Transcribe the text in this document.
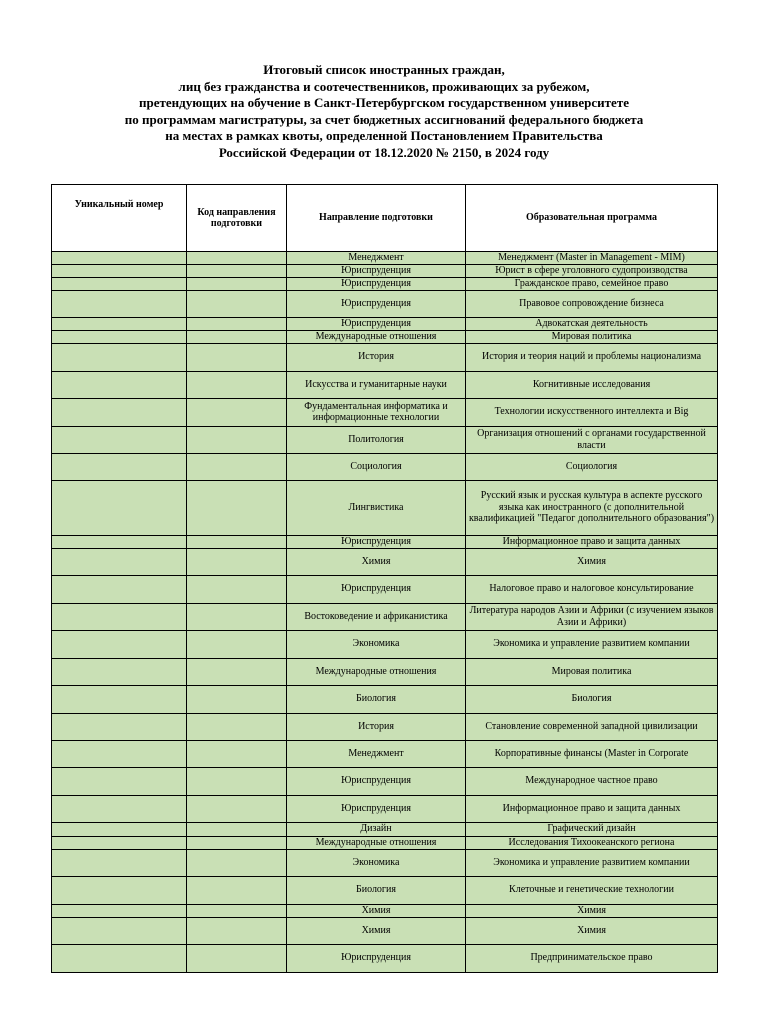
Итоговый список иностранных граждан,
лиц без гражданства и соотечественников, проживающих за рубежом,
претендующих на обучение в Санкт-Петербургском государственном университете
по программам магистратуры, за счет бюджетных ассигнований федерального бюджета
на местах в рамках квоты, определенной Постановлением Правительства
Российской Федерации от 18.12.2020 № 2150, в 2024 году
Уникальный номер	Код направления подготовки	Направление подготовки	Образовательная программа
		Менеджмент	Менеджмент (Master in Management - MIM)
		Юриспруденция	Юрист в сфере уголовного судопроизводства
		Юриспруденция	Гражданское право, семейное право
		Юриспруденция	Правовое сопровождение бизнеса
		Юриспруденция	Адвокатская деятельность
		Международные отношения	Мировая политика
		История	История и теория наций и проблемы национализма
		Искусства и гуманитарные науки	Когнитивные исследования
		Фундаментальная информатика и информационные технологии	Технологии искусственного интеллекта и Big
		Политология	Организация отношений с органами государственной власти
		Социология	Социология
		Лингвистика	Русский язык и русская культура в аспекте русского языка как иностранного (с дополнительной квалификацией "Педагог дополнительного образования")
		Юриспруденция	Информационное право и защита данных
		Химия	Химия
		Юриспруденция	Налоговое право и налоговое консультирование
		Востоковедение и африканистика	Литература народов Азии и Африки (с изучением языков Азии и Африки)
		Экономика	Экономика и управление развитием компании
		Международные отношения	Мировая политика
		Биология	Биология
		История	Становление современной западной цивилизации
		Менеджмент	Корпоративные финансы (Master in Corporate
		Юриспруденция	Международное частное право
		Юриспруденция	Информационное право и защита данных
		Дизайн	Графический дизайн
		Международные отношения	Исследования Тихоокеанского региона
		Экономика	Экономика и управление развитием компании
		Биология	Клеточные и генетические технологии
		Химия	Химия
		Химия	Химия
		Юриспруденция	Предпринимательское право
